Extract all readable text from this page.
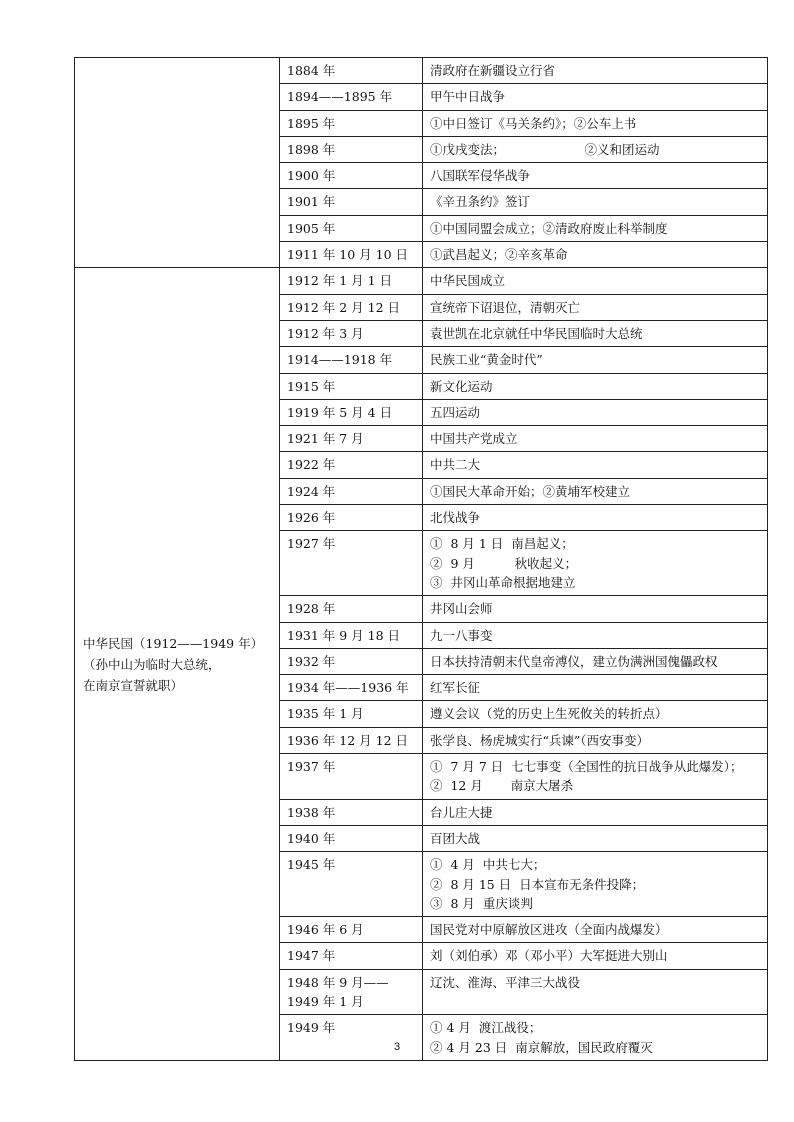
	1884 年	清政府在新疆设立行省

	1894——1895 年	甲午中日战争

	1895 年	①中日签订《马关条约》；②公车上书

	1898 年	①戊戌变法；                    ②义和团运动

	1900 年	八国联军侵华战争

	1901 年	《辛丑条约》签订

	1905 年	①中国同盟会成立；②清政府废止科举制度

	1911 年 10 月 10 日	①武昌起义；②辛亥革命

中华民国（1912——1949 年）
（孙中山为临时大总统，
在南京宣誓就职）	1912 年 1 月 1 日	中华民国成立

	1912 年 2 月 12 日	宣统帝下诏退位，清朝灭亡

	1912 年 3 月	袁世凯在北京就任中华民国临时大总统

	1914——1918 年	民族工业“黄金时代”

	1915 年	新文化运动

	1919 年 5 月 4 日	五四运动

	1921 年 7 月	中国共产党成立

	1922 年	中共二大

	1924 年	①国民大革命开始；②黄埔军校建立

	1926 年	北伐战争

	1927 年	①  8 月 1 日  南昌起义；
②  9 月          秋收起义；
③  井冈山革命根据地建立

	1928 年	井冈山会师

	1931 年 9 月 18 日	九一八事变

	1932 年	日本扶持清朝末代皇帝溥仪，建立伪满洲国傀儡政权

	1934 年——1936 年	红军长征

	1935 年 1 月	遵义会议（党的历史上生死攸关的转折点）

	1936 年 12 月 12 日	张学良、杨虎城实行“兵谏”（西安事变）

	1937 年	①  7 月 7 日  七七事变（全国性的抗日战争从此爆发）；
②  12 月       南京大屠杀

	1938 年	台儿庄大捷

	1940 年	百团大战

	1945 年	①  4 月  中共七大；
②  8 月 15 日  日本宣布无条件投降；
③  8 月  重庆谈判

	1946 年 6 月	国民党对中原解放区进攻（全面内战爆发）

	1947 年	刘（刘伯承）邓（邓小平）大军挺进大别山

	1948 年 9 月——1949 年 1 月	辽沈、淮海、平津三大战役

	1949 年	① 4 月  渡江战役；
② 4 月 23 日  南京解放，国民政府覆灭
3
